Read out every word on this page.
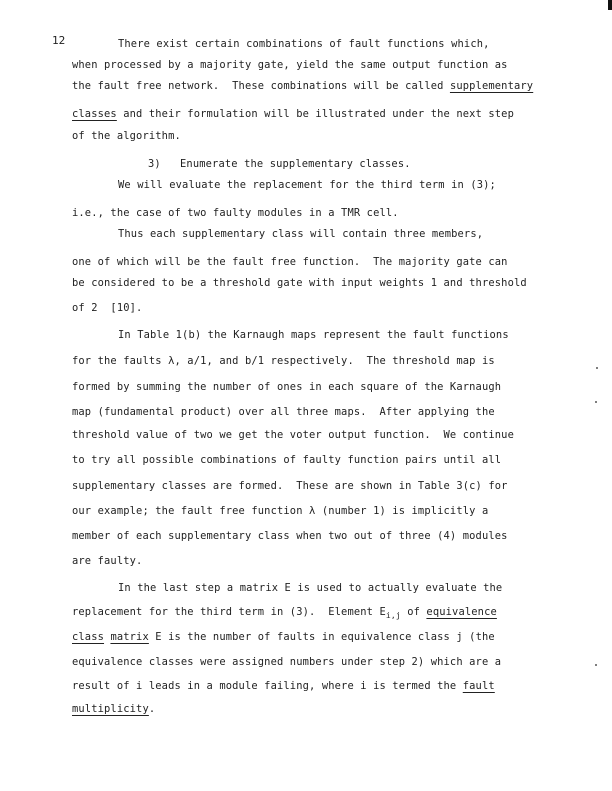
12	There exist certain combinations of fault functions which,
when processed by a majority gate, yield the same output function as
the fault free network.  These combinations will be called supplementary
classes and their formulation will be illustrated under the next step
of the algorithm.
3)   Enumerate the supplementary classes.
We will evaluate the replacement for the third term in (3);
i.e., the case of two faulty modules in a TMR cell.
Thus each supplementary class will contain three members,
one of which will be the fault free function.  The majority gate can
be considered to be a threshold gate with input weights 1 and threshold
of 2  [10].
In Table 1(b) the Karnaugh maps represent the fault functions
for the faults λ, a/1, and b/1 respectively.  The threshold map is
formed by summing the number of ones in each square of the Karnaugh
map (fundamental product) over all three maps.  After applying the
threshold value of two we get the voter output function.  We continue
to try all possible combinations of faulty function pairs until all
supplementary classes are formed.  These are shown in Table 3(c) for
our example; the fault free function λ (number 1) is implicitly a
member of each supplementary class when two out of three (4) modules
are faulty.
In the last step a matrix E is used to actually evaluate the
replacement for the third term in (3).  Element $E_{i,j}$ of equivalence
class matrix E is the number of faults in equivalence class j (the
equivalence classes were assigned numbers under step 2) which are a
result of i leads in a module failing, where i is termed the fault
multiplicity.
